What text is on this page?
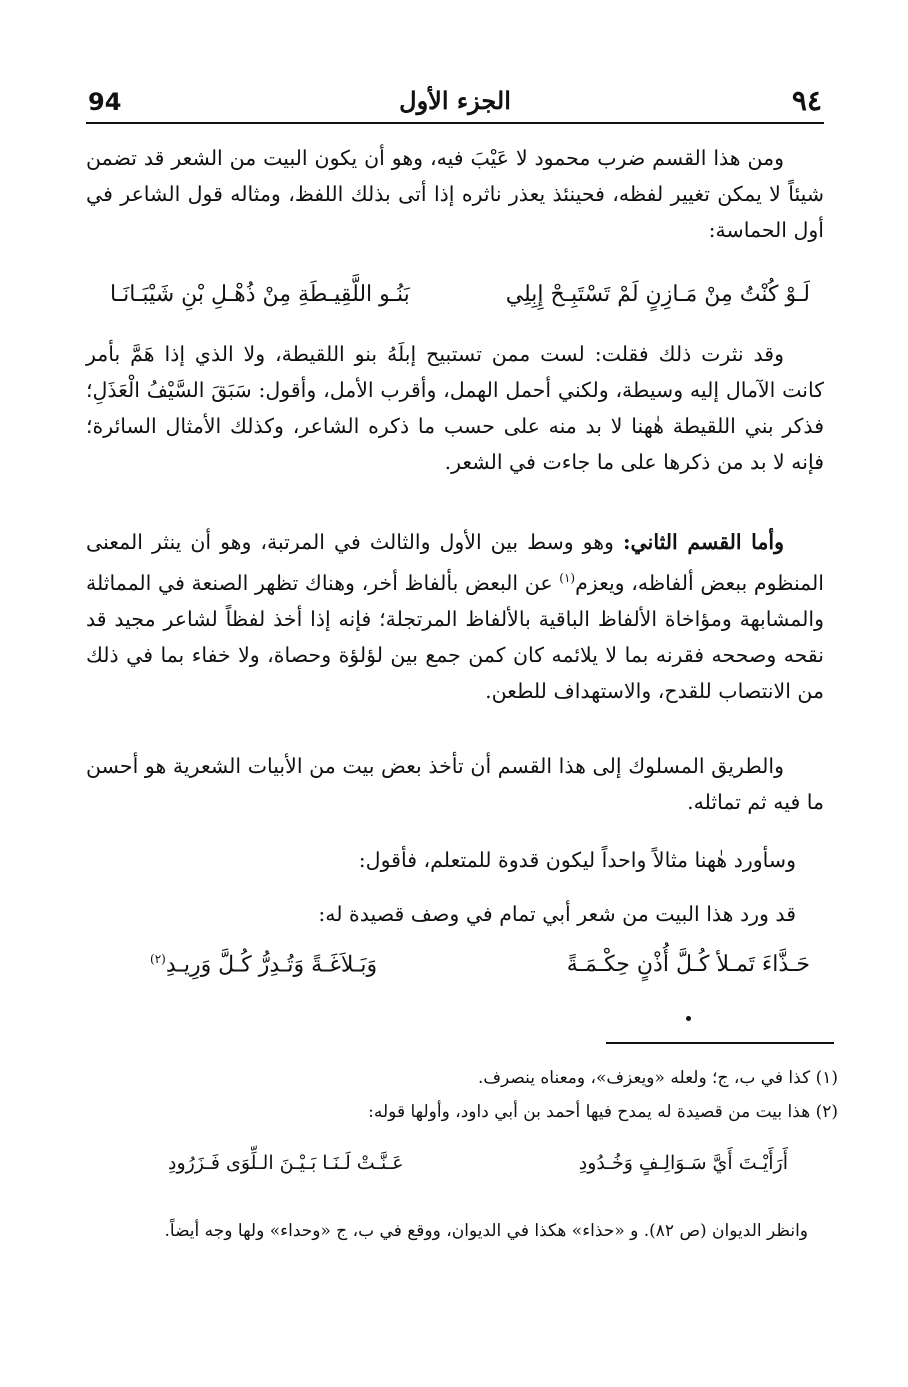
94	الجزء الأول	٩٤

ومن هذا القسم ضرب محمود لا عَيْبَ فيه، وهو أن يكون البيت من الشعر قد تضمن شيئاً لا يمكن تغيير لفظه، فحينئذ يعذر ناثره إذا أتى بذلك اللفظ، ومثاله قول الشاعر في أول الحماسة:

لَـوْ كُنْتُ مِنْ مَـازِنٍ لَمْ تَسْتَبِـحْ إِبِلِي
بَنُـو اللَّقِيـطَةِ مِنْ ذُهْـلِ بْنِ شَيْبَـانَـا

وقد نثرت ذلك فقلت: لست ممن تستبيح إبلَهُ بنو اللقيطة، ولا الذي إذا هَمَّ بأمر كانت الآمال إليه وسيطة، ولكني أحمل الهمل، وأقرب الأمل، وأقول: سَبَقَ السَّيْفُ الْعَذَلِ؛ فذكر بني اللقيطة هٰهنا لا بد منه على حسب ما ذكره الشاعر، وكذلك الأمثال السائرة؛ فإنه لا بد من ذكرها على ما جاءت في الشعر.

وأما القسم الثاني: وهو وسط بين الأول والثالث في المرتبة، وهو أن ينثر المعنى المنظوم ببعض ألفاظه، ويعزم$^{(١)}$ عن البعض بألفاظ أخر، وهناك تظهر الصنعة في المماثلة والمشابهة ومؤاخاة الألفاظ الباقية بالألفاظ المرتجلة؛ فإنه إذا أخذ لفظاً لشاعر مجيد قد نقحه وصححه فقرنه بما لا يلائمه كان كمن جمع بين لؤلؤة وحصاة، ولا خفاء بما في ذلك من الانتصاب للقدح، والاستهداف للطعن.

والطريق المسلوك إلى هذا القسم أن تأخذ بعض بيت من الأبيات الشعرية هو أحسن ما فيه ثم تماثله.

وسأورد هٰهنا مثالاً واحداً ليكون قدوة للمتعلم، فأقول:
قد ورد هذا البيت من شعر أبي تمام في وصف قصيدة له:
حَـذَّاءَ تَمـلأ كُـلَّ أُذْنٍ حِكْـمَـةً
وَبَـلاَغَـةً وَتُـدِرُّ كُـلَّ وَرِيـدِ$^{(٢)}$
(١) كذا في ب، ج؛ ولعله «ويعزف»، ومعناه ينصرف.
(٢) هذا بيت من قصيدة له يمدح فيها أحمد بن أبي داود، وأولها قوله:
أَرَأَيْـتَ أَيَّ سَـوَالِـفٍ وَخُـدُودِ
عَـنَّـتْ لَـنَـا بَـيْـنَ الـلِّوَى فَـزَرُودِ
وانظر الديوان (ص ٨٢). و «حذاء» هكذا في الديوان، ووقع في ب، ج «وحداء» ولها وجه أيضاً.
